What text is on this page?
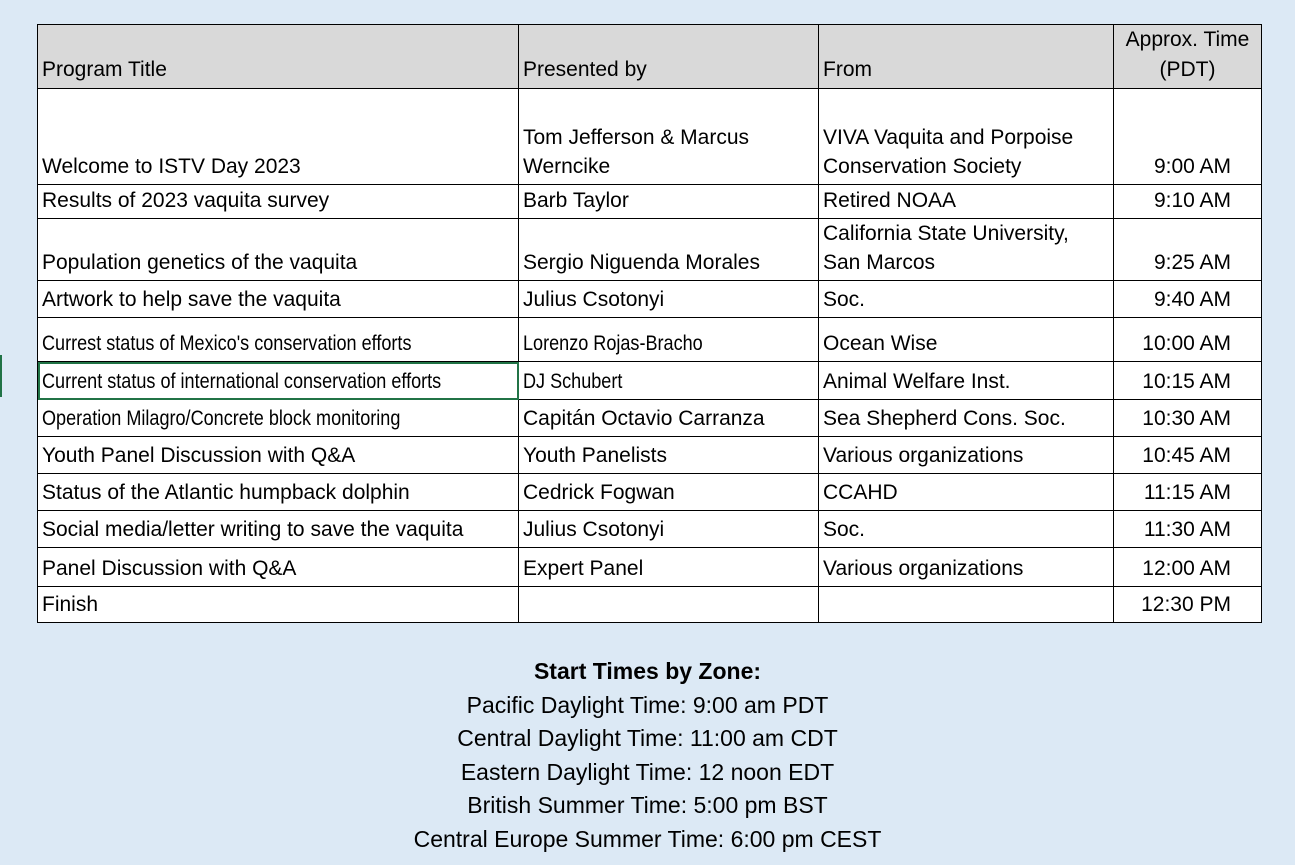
Program Title	Presented by	From	Approx. Time
(PDT)
Welcome to ISTV Day 2023	Tom Jefferson & Marcus Werncike	VIVA Vaquita and Porpoise Conservation Society	9:00 AM
Results of 2023 vaquita survey	Barb Taylor	Retired NOAA	9:10 AM
Population genetics of the vaquita	Sergio Niguenda Morales	California State University, San Marcos	9:25 AM
Artwork to help save the vaquita	Julius Csotonyi	Soc.	9:40 AM
Currest status of Mexico's conservation efforts	Lorenzo Rojas-Bracho	Ocean Wise	10:00 AM
Current status of international conservation efforts	DJ Schubert	Animal Welfare Inst.	10:15 AM
Operation Milagro/Concrete block monitoring	Capitán Octavio Carranza	Sea Shepherd Cons. Soc.	10:30 AM
Youth Panel Discussion with Q&A	Youth Panelists	Various organizations	10:45 AM
Status of the Atlantic humpback dolphin	Cedrick Fogwan	CCAHD	11:15 AM
Social media/letter writing to save the vaquita	Julius Csotonyi	Soc.	11:30 AM
Panel Discussion with Q&A	Expert Panel	Various organizations	12:00 AM
Finish			12:30 PM
Start Times by Zone:
Pacific Daylight Time: 9:00 am PDT
Central Daylight Time: 11:00 am CDT
Eastern Daylight Time: 12 noon EDT
British Summer Time: 5:00 pm BST
Central Europe Summer Time: 6:00 pm CEST
